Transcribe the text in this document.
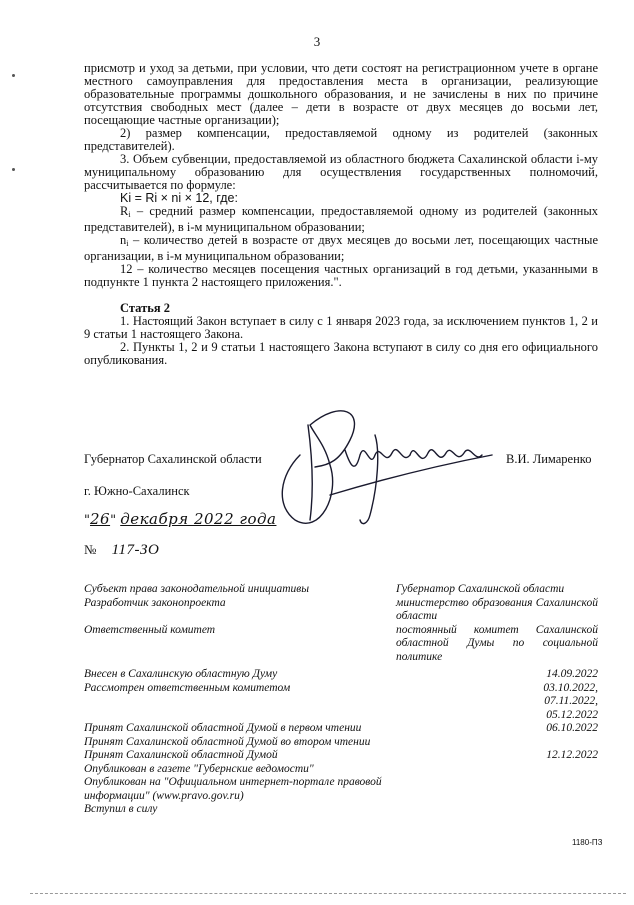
3

присмотр и уход за детьми, при условии, что дети состоят на регистрационном учете в органе местного самоуправления для предоставления места в организации, реализующие образовательные программы дошкольного образования, и не зачислены в них по причине отсутствия свободных мест (далее – дети в возрасте от двух месяцев до восьми лет, посещающие частные организации);

2) размер компенсации, предоставляемой одному из родителей (законных представителей).

3. Объем субвенции, предоставляемой из областного бюджета Сахалинской области i-му муниципальному образованию для осуществления государственных полномочий, рассчитывается по формуле:

Ki = Ri × ni × 12, где:

Ri – средний размер компенсации, предоставляемой одному из родителей (законных представителей), в i-м муниципальном образовании;

ni – количество детей в возрасте от двух месяцев до восьми лет, посещающих частные организации, в i-м муниципальном образовании;

12 – количество месяцев посещения частных организаций в год детьми, указанными в подпункте 1 пункта 2 настоящего приложения.".

Статья 2

1. Настоящий Закон вступает в силу с 1 января 2023 года, за исключением пунктов 1, 2 и 9 статьи 1 настоящего Закона.

2. Пункты 1, 2 и 9 статьи 1 настоящего Закона вступают в силу со дня его официального опубликования.

Губернатор Сахалинской области	В.И. Лимаренко
г. Южно-Сахалинск
"26" декабря 2022 года
№ 117-ЗО
Субъект права законодательной инициативы	Губернатор Сахалинской области
Разработчик законопроекта	министерство образования Сахалинской области
Ответственный комитет	постоянный комитет Сахалинской областной Думы по социальной политике
Внесен в Сахалинскую областную Думу	14.09.2022
Рассмотрен ответственным комитетом	03.10.2022, 07.11.2022, 05.12.2022
Принят Сахалинской областной Думой в первом чтении	06.10.2022
Принят Сахалинской областной Думой во втором чтении
Принят Сахалинской областной Думой	12.12.2022
Опубликован в газете "Губернские ведомости"
Опубликован на "Официальном интернет-портале правовой информации" (www.pravo.gov.ru)
Вступил в силу
1180-ПЗ
